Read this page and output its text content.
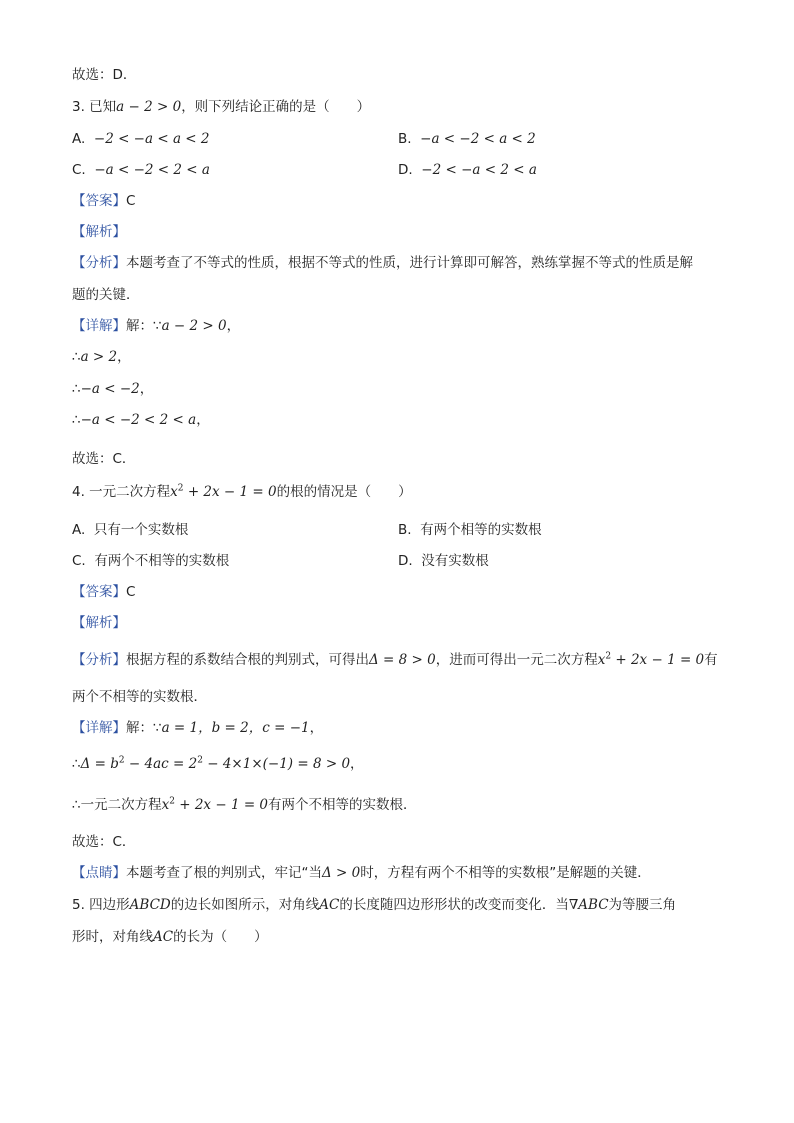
故选：D．
3. 已知a − 2 > 0，则下列结论正确的是（　　）
A. −2 < −a < a < 2	B. −a < −2 < a < 2
C. −a < −2 < 2 < a	D. −2 < −a < 2 < a
【答案】C
【解析】
【分析】本题考查了不等式的性质，根据不等式的性质，进行计算即可解答，熟练掌握不等式的性质是解
题的关键．
【详解】解：∵a − 2 > 0，
∴a > 2，
∴−a < −2，
∴−a < −2 < 2 < a，
故选：C．
4. 一元二次方程$x^2 + 2x - 1 = 0$的根的情况是（　　）
A. 只有一个实数根	B. 有两个相等的实数根
C. 有两个不相等的实数根	D. 没有实数根
【答案】C
【解析】
【分析】根据方程的系数结合根的判别式，可得出Δ = 8 > 0，进而可得出一元二次方程$x^2 + 2x - 1 = 0$有
两个不相等的实数根．
【详解】解：∵a = 1，b = 2，c = −1，
∴Δ = $b^2 - 4ac = 2^2 - 4\times 1\times(-1) = 8 > 0$，
∴一元二次方程$x^2 + 2x - 1 = 0$有两个不相等的实数根．
故选：C．
【点睛】本题考查了根的判别式，牢记“当Δ > 0时，方程有两个不相等的实数根”是解题的关键．
5. 四边形ABCD的边长如图所示，对角线AC的长度随四边形形状的改变而变化．当∇ABC为等腰三角
形时，对角线AC的长为（　　）
